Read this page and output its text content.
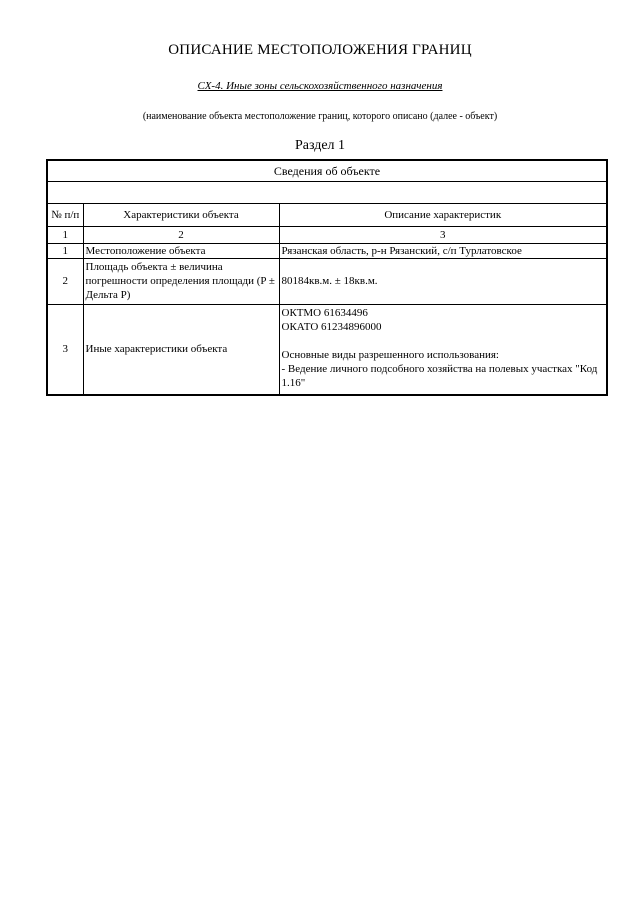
ОПИСАНИЕ МЕСТОПОЛОЖЕНИЯ ГРАНИЦ
СХ-4. Иные зоны сельскохозяйственного назначения
(наименование объекта местоположение границ, которого описано (далее - объект)
Раздел 1
Сведения об объекте		

№ п/п	Характеристики объекта	Описание характеристик
1	2	3
1	Местоположение объекта	Рязанская область, р-н Рязанский, с/п Турлатовское
2	Площадь объекта ± величина погрешности определения площади (P ± Дельта P)	80184кв.м. ± 18кв.м.
3	Иные характеристики объекта	ОКТМО 61634496
ОКАТО 61234896000

Основные виды разрешенного использования:
- Ведение личного подсобного хозяйства на полевых участках "Код 1.16"
